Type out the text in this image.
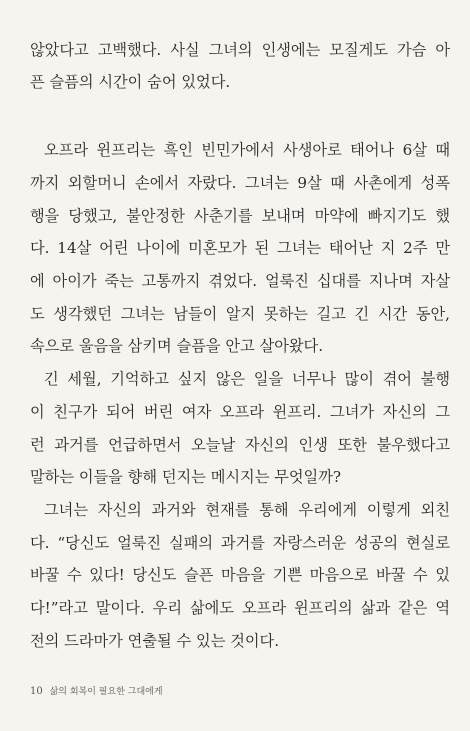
않았다고 고백했다. 사실 그녀의 인생에는 모질게도 가슴 아
픈 슬픔의 시간이 숨어 있었다.
오프라 윈프리는 흑인 빈민가에서 사생아로 태어나 6살 때
까지 외할머니 손에서 자랐다. 그녀는 9살 때 사촌에게 성폭
행을 당했고, 불안정한 사춘기를 보내며 마약에 빠지기도 했
다. 14살 어린 나이에 미혼모가 된 그녀는 태어난 지 2주 만
에 아이가 죽는 고통까지 겪었다. 얼룩진 십대를 지나며 자살
도 생각했던 그녀는 남들이 알지 못하는 길고 긴 시간 동안,
속으로 울음을 삼키며 슬픔을 안고 살아왔다.
긴 세월, 기억하고 싶지 않은 일을 너무나 많이 겪어 불행
이 친구가 되어 버린 여자 오프라 윈프리. 그녀가 자신의 그
런 과거를 언급하면서 오늘날 자신의 인생 또한 불우했다고
말하는 이들을 향해 던지는 메시지는 무엇일까?
그녀는 자신의 과거와 현재를 통해 우리에게 이렇게 외친
다. “당신도 얼룩진 실패의 과거를 자랑스러운 성공의 현실로
바꿀 수 있다! 당신도 슬픈 마음을 기쁜 마음으로 바꿀 수 있
다!”라고 말이다. 우리 삶에도 오프라 윈프리의 삶과 같은 역
전의 드라마가 연출될 수 있는 것이다.
10 삶의 회복이 필요한 그대에게
